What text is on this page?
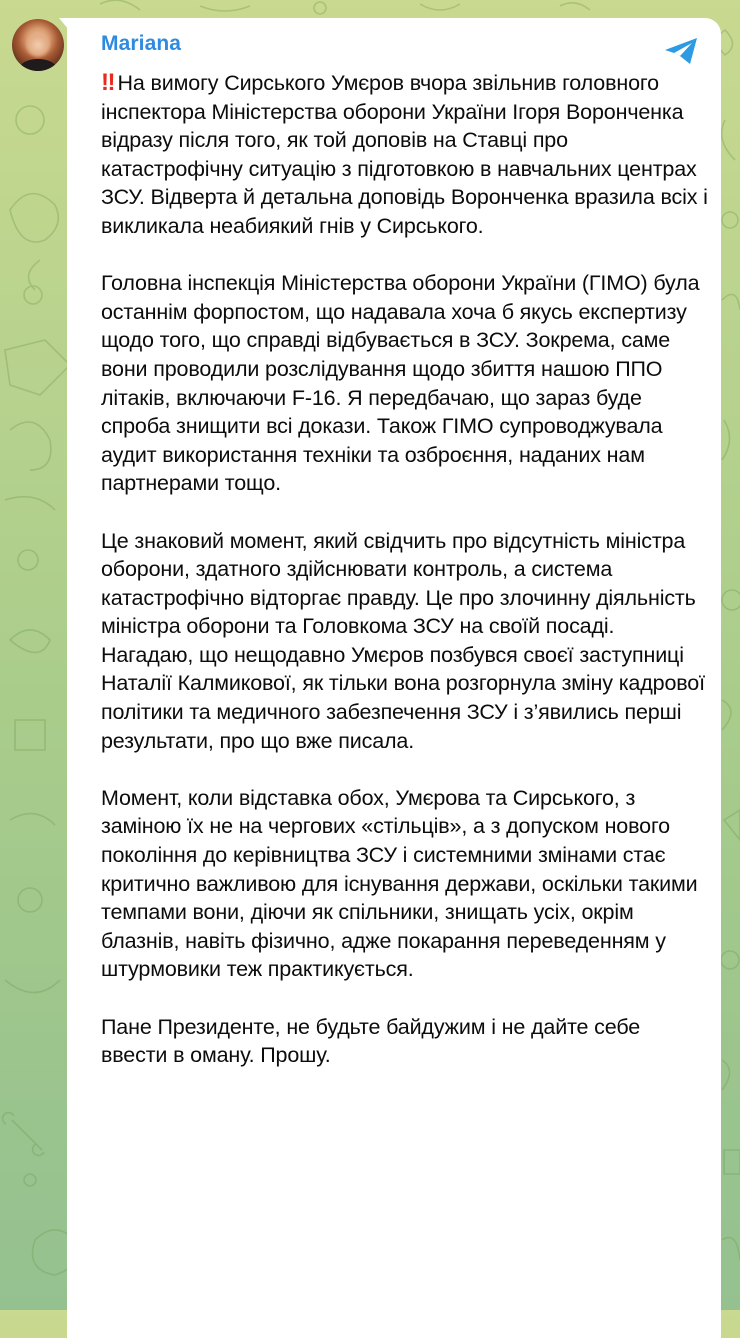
Mariana

‼ На вимогу Сирського Умєров вчора звільнив головного інспектора Міністерства оборони України Ігоря Воронченка відразу після того, як той доповів на Ставці про катастрофічну ситуацію з підготовкою в навчальних центрах ЗСУ. Відверта й детальна доповідь Воронченка вразила всіх і викликала неабиякий гнів у Сирського.

Головна інспекція Міністерства оборони України (ГІМО) була останнім форпостом, що надавала хоча б якусь експертизу щодо того, що справді відбувається в ЗСУ. Зокрема, саме вони проводили розслідування щодо збиття нашою ППО літаків, включаючи F-16. Я передбачаю, що зараз буде спроба знищити всі докази. Також ГІМО супроводжувала аудит використання техніки та озброєння, наданих нам партнерами тощо.

Це знаковий момент, який свідчить про відсутність міністра оборони, здатного здійснювати контроль, а система катастрофічно відторгає правду. Це про злочинну діяльність міністра оборони та Головкома ЗСУ на своїй посаді. Нагадаю, що нещодавно Умєров позбувся своєї заступниці Наталії Калмикової, як тільки вона розгорнула зміну кадрової політики та медичного забезпечення ЗСУ і з’явились перші результати, про що вже писала.

Момент, коли відставка обох, Умєрова та Сирського, з заміною їх не на чергових «стільців», а з допуском нового покоління до керівництва ЗСУ і системними змінами стає критично важливою для існування держави, оскільки такими темпами вони, діючи як спільники, знищать усіх, окрім блазнів, навіть фізично, адже покарання переведенням у штурмовики теж практикується.

Пане Президенте, не будьте байдужим і не дайте себе ввести в оману. Прошу.
